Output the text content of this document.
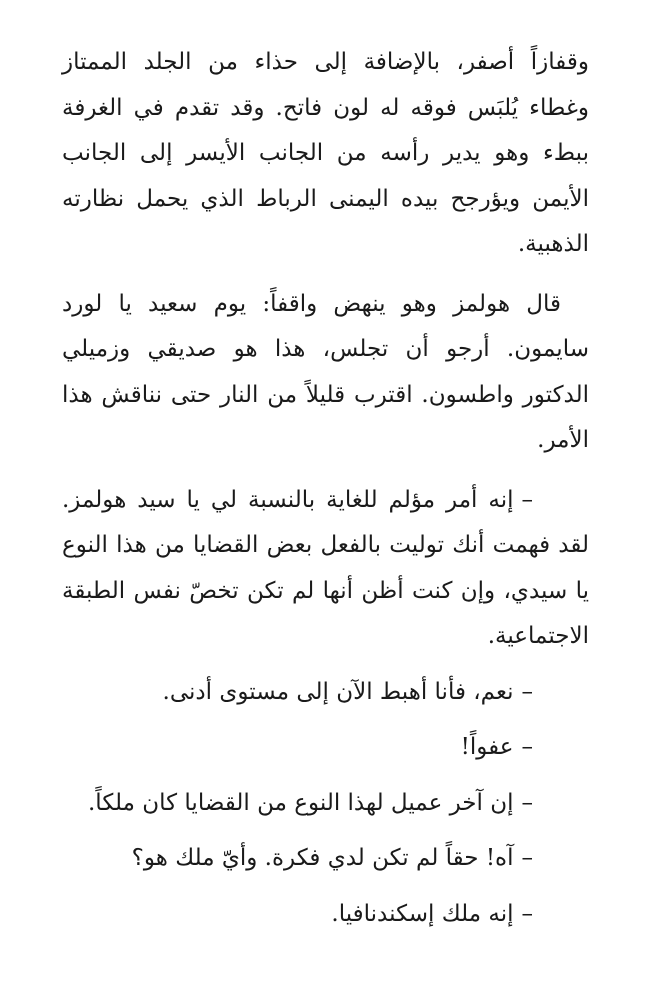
وقفازاً أصفر، بالإضافة إلى حذاء من الجلد الممتاز وغطاء يُلبَس فوقه له لون فاتح. وقد تقدم في الغرفة ببطء وهو يدير رأسه من الجانب الأيسر إلى الجانب الأيمن ويؤرجح بيده اليمنى الرباط الذي يحمل نظارته الذهبية.

قال هولمز وهو ينهض واقفاً: يوم سعيد يا لورد سايمون. أرجو أن تجلس، هذا هو صديقي وزميلي الدكتور واطسون. اقترب قليلاً من النار حتى نناقش هذا الأمر.

–إنه أمر مؤلم للغاية بالنسبة لي يا سيد هولمز. لقد فهمت أنك توليت بالفعل بعض القضايا من هذا النوع يا سيدي، وإن كنت أظن أنها لم تكن تخصّ نفس الطبقة الاجتماعية.

–نعم، فأنا أهبط الآن إلى مستوى أدنى.

–عفواً!

–إن آخر عميل لهذا النوع من القضايا كان ملكاً.

–آه! حقاً لم تكن لدي فكرة. وأيّ ملك هو؟

–إنه ملك إسكندنافيا.
